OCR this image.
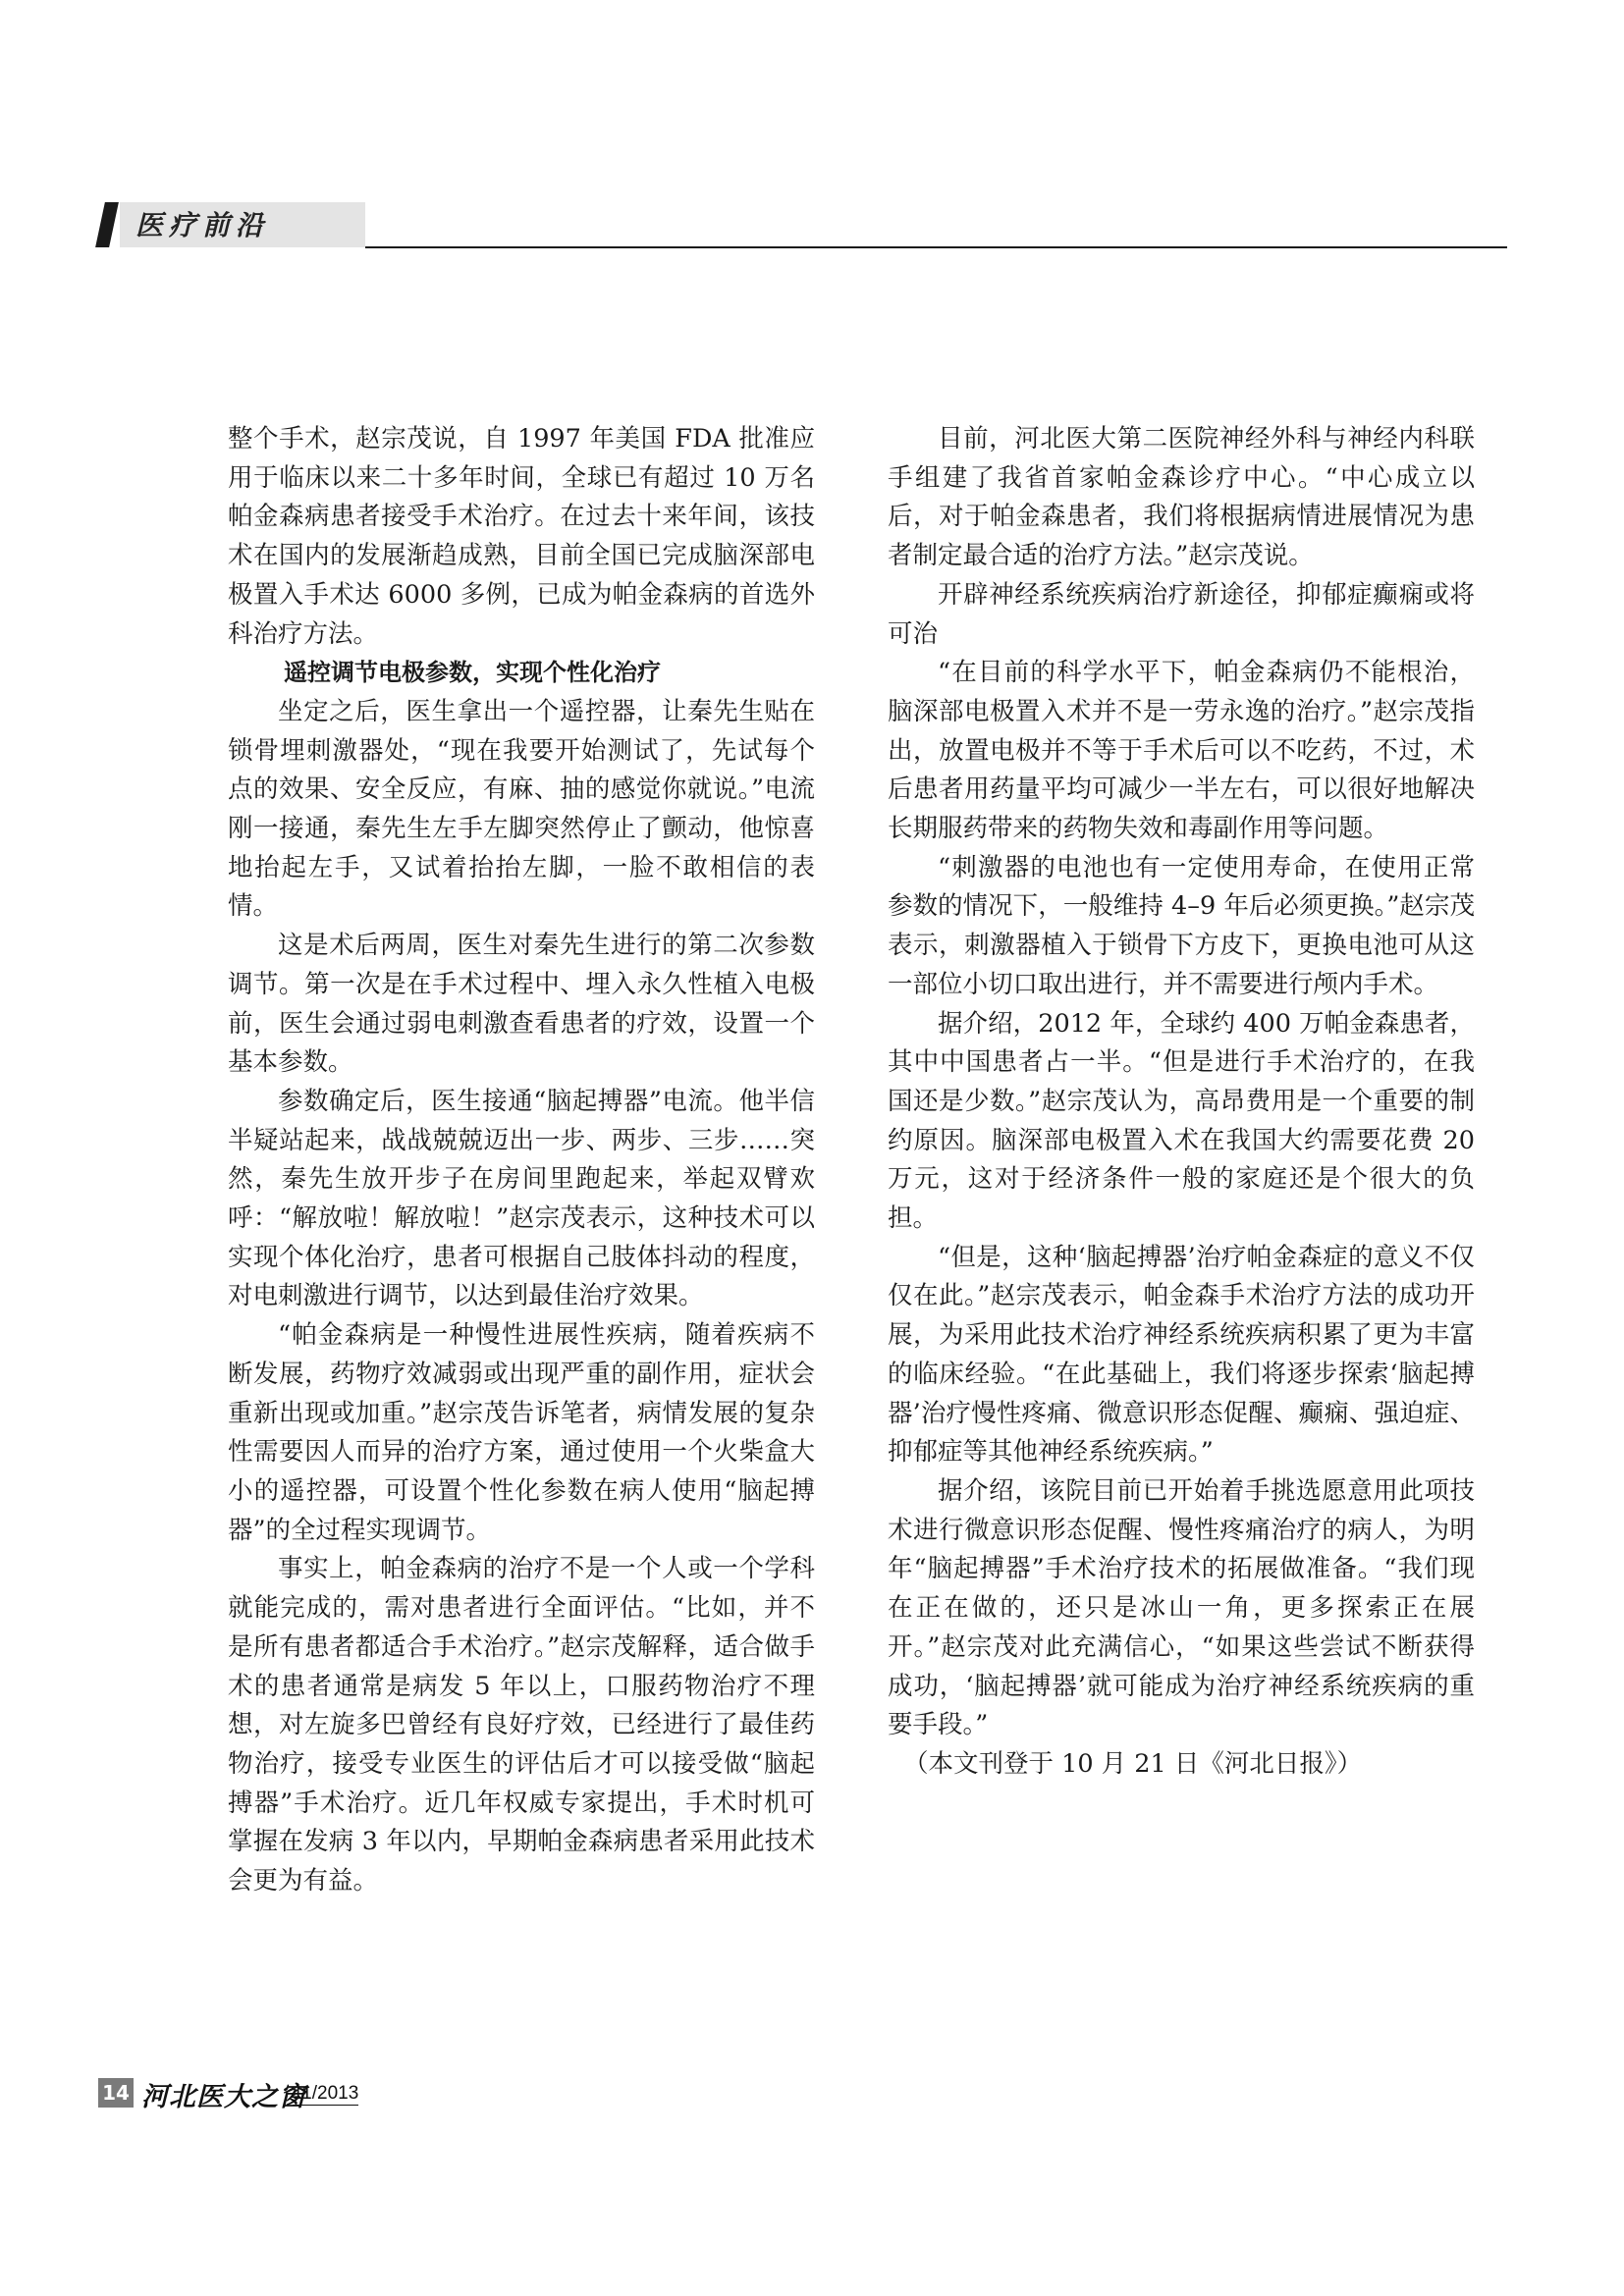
医疗前沿

整个手术，赵宗茂说，自 1997 年美国 FDA 批准应用于临床以来二十多年时间，全球已有超过 10 万名帕金森病患者接受手术治疗。在过去十来年间，该技术在国内的发展渐趋成熟，目前全国已完成脑深部电极置入手术达 6000 多例，已成为帕金森病的首选外科治疗方法。

遥控调节电极参数，实现个性化治疗

坐定之后，医生拿出一个遥控器，让秦先生贴在锁骨埋刺激器处，“现在我要开始测试了，先试每个点的效果、安全反应，有麻、抽的感觉你就说。”电流刚一接通，秦先生左手左脚突然停止了颤动，他惊喜地抬起左手，又试着抬抬左脚，一脸不敢相信的表情。

这是术后两周，医生对秦先生进行的第二次参数调节。第一次是在手术过程中、埋入永久性植入电极前，医生会通过弱电刺激查看患者的疗效，设置一个基本参数。

参数确定后，医生接通“脑起搏器”电流。他半信半疑站起来，战战兢兢迈出一步、两步、三步……突然，秦先生放开步子在房间里跑起来，举起双臂欢呼：“解放啦！解放啦！”赵宗茂表示，这种技术可以实现个体化治疗，患者可根据自己肢体抖动的程度，对电刺激进行调节，以达到最佳治疗效果。

“帕金森病是一种慢性进展性疾病，随着疾病不断发展，药物疗效减弱或出现严重的副作用，症状会重新出现或加重。”赵宗茂告诉笔者，病情发展的复杂性需要因人而异的治疗方案，通过使用一个火柴盒大小的遥控器，可设置个性化参数在病人使用“脑起搏器”的全过程实现调节。

事实上，帕金森病的治疗不是一个人或一个学科就能完成的，需对患者进行全面评估。“比如，并不是所有患者都适合手术治疗。”赵宗茂解释，适合做手术的患者通常是病发 5 年以上，口服药物治疗不理想，对左旋多巴曾经有良好疗效，已经进行了最佳药物治疗，接受专业医生的评估后才可以接受做“脑起搏器”手术治疗。近几年权威专家提出，手术时机可掌握在发病 3 年以内，早期帕金森病患者采用此技术会更为有益。

目前，河北医大第二医院神经外科与神经内科联手组建了我省首家帕金森诊疗中心。“中心成立以后，对于帕金森患者，我们将根据病情进展情况为患者制定最合适的治疗方法。”赵宗茂说。

开辟神经系统疾病治疗新途径，抑郁症癫痫或将可治

“在目前的科学水平下，帕金森病仍不能根治，脑深部电极置入术并不是一劳永逸的治疗。”赵宗茂指出，放置电极并不等于手术后可以不吃药，不过，术后患者用药量平均可减少一半左右，可以很好地解决长期服药带来的药物失效和毒副作用等问题。

“刺激器的电池也有一定使用寿命，在使用正常参数的情况下，一般维持 4–9 年后必须更换。”赵宗茂表示，刺激器植入于锁骨下方皮下，更换电池可从这一部位小切口取出进行，并不需要进行颅内手术。

据介绍，2012 年，全球约 400 万帕金森患者，其中中国患者占一半。“但是进行手术治疗的，在我国还是少数。”赵宗茂认为，高昂费用是一个重要的制约原因。脑深部电极置入术在我国大约需要花费 20 万元，这对于经济条件一般的家庭还是个很大的负担。

“但是，这种‘脑起搏器’治疗帕金森症的意义不仅仅在此。”赵宗茂表示，帕金森手术治疗方法的成功开展，为采用此技术治疗神经系统疾病积累了更为丰富的临床经验。“在此基础上，我们将逐步探索‘脑起搏器’治疗慢性疼痛、微意识形态促醒、癫痫、强迫症、抑郁症等其他神经系统疾病。”

据介绍，该院目前已开始着手挑选愿意用此项技术进行微意识形态促醒、慢性疼痛治疗的病人，为明年“脑起搏器”手术治疗技术的拓展做准备。“我们现在正在做的，还只是冰山一角，更多探索正在展开。”赵宗茂对此充满信心，“如果这些尝试不断获得成功，‘脑起搏器’就可能成为治疗神经系统疾病的重要手段。”

（本文刊登于 10 月 21 日《河北日报》）

14 河北医大之窗
11/2013
